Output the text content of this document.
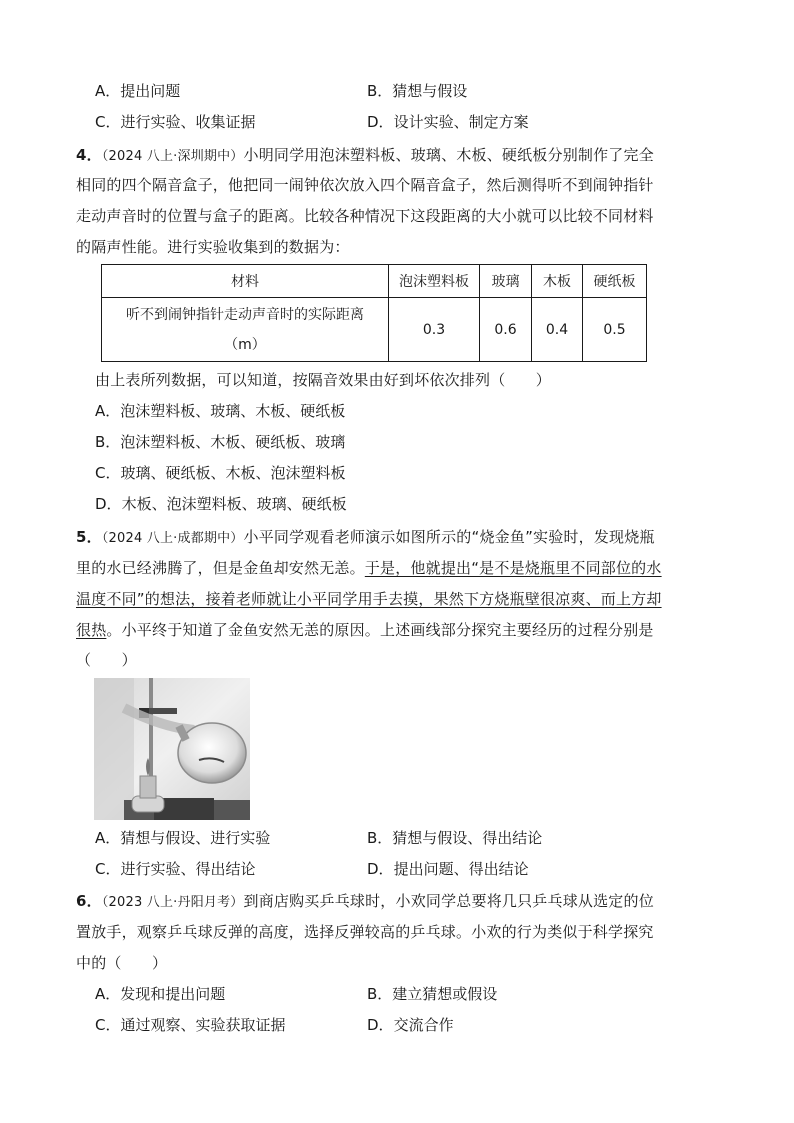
A．提出问题	B．猜想与假设
C．进行实验、收集证据	D．设计实验、制定方案
4．（2024 八上·深圳期中）小明同学用泡沫塑料板、玻璃、木板、硬纸板分别制作了完全
相同的四个隔音盒子，他把同一闹钟依次放入四个隔音盒子，然后测得听不到闹钟指针
走动声音时的位置与盒子的距离。比较各种情况下这段距离的大小就可以比较不同材料
的隔声性能。进行实验收集到的数据为：
材料	泡沫塑料板	玻璃	木板	硬纸板

听不到闹钟指针走动声音时的实际距离
（m）	0.3	0.6	0.4	0.5
由上表所列数据，可以知道，按隔音效果由好到坏依次排列（　　）
A．泡沫塑料板、玻璃、木板、硬纸板
B．泡沫塑料板、木板、硬纸板、玻璃
C．玻璃、硬纸板、木板、泡沫塑料板
D．木板、泡沫塑料板、玻璃、硬纸板
5．（2024 八上·成都期中）小平同学观看老师演示如图所示的“烧金鱼”实验时，发现烧瓶
里的水已经沸腾了，但是金鱼却安然无恙。于是，他就提出“是不是烧瓶里不同部位的水
温度不同”的想法，接着老师就让小平同学用手去摸，果然下方烧瓶壁很凉爽、而上方却
很热。小平终于知道了金鱼安然无恙的原因。上述画线部分探究主要经历的过程分别是
（　　）
A．猜想与假设、进行实验	B．猜想与假设、得出结论
C．进行实验、得出结论	D．提出问题、得出结论
6．（2023 八上·丹阳月考）到商店购买乒乓球时，小欢同学总要将几只乒乓球从选定的位
置放手，观察乒乓球反弹的高度，选择反弹较高的乒乓球。小欢的行为类似于科学探究
中的（　　）
A．发现和提出问题	B．建立猜想或假设
C．通过观察、实验获取证据	D．交流合作
